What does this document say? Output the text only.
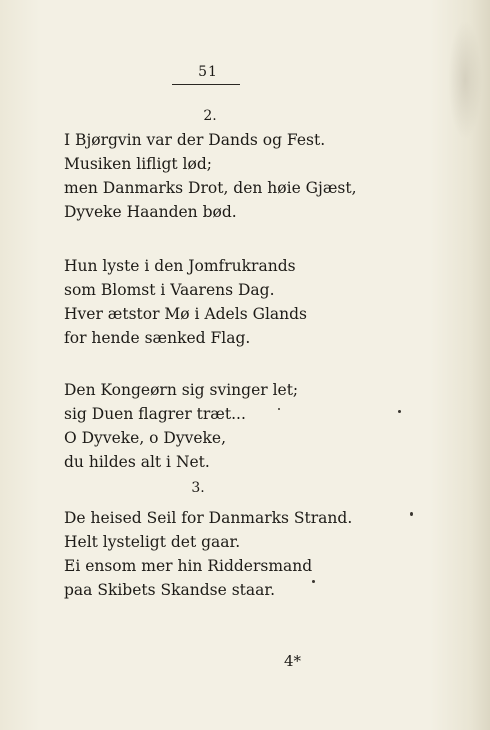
51
2.
I Bjørgvin var der Dands og Fest.
Musiken lifligt lød;
men Danmarks Drot, den høie Gjæst,
Dyveke Haanden bød.
Hun lyste i den Jomfrukrands
som Blomst i Vaarens Dag.
Hver ætstor Mø i Adels Glands
for hende sænked Flag.
Den Kongeørn sig svinger let;
sig Duen flagrer træt...
O Dyveke, o Dyveke,
du hildes alt i Net.
3.
De heised Seil for Danmarks Strand.
Helt lysteligt det gaar.
Ei ensom mer hin Riddersmand
paa Skibets Skandse staar.
4*
